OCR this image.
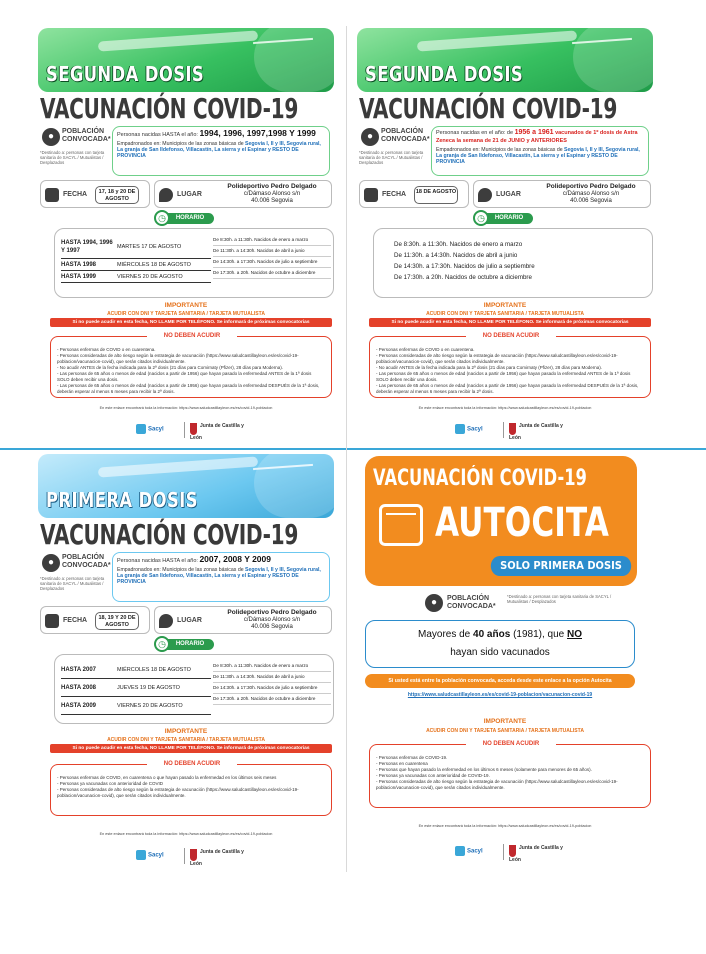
SEGUNDA DOSIS
VACUNACIÓN COVID-19
●	POBLACIÓN CONVOCADA*
*Destinado a: personas con tarjeta sanitaria de SACYL / Mutualistas / Desplazados
Personas nacidas HASTA el año: 1994, 1996, 1997,1998 Y 1999
Empadronados en: Municipios de las zonas básicas de Segovia I, II y III, Segovia rural, La granja de San Ildefonso, Villacastín, La sierra y el Espinar y RESTO DE PROVINCIA
FECHA	17, 18 y 20 DE AGOSTO
LUGAR
Polideportivo Pedro Delgado
c/Dámaso Alonso s/n
40.006 Segovia
HORARIO
◷
HASTA 1994, 1996 Y 1997
MARTES 17 DE AGOSTO
HASTA 1998	MIÉRCOLES 18 DE AGOSTO
HASTA 1999	VIERNES 20 DE AGOSTO
De 8:30h. a 11:30h. Nacidos de enero a marzo
De 11:30h. a 14:30h. Nacidos de abril a junio
De 14:30h. a 17:30h. Nacidos de julio a septiembre
De 17:30h. a 20h. Nacidos de octubre a diciembre
IMPORTANTE
ACUDIR CON DNI Y TARJETA SANITARIA / TARJETA MUTUALISTA
Si no puede acudir en esta fecha, NO LLAME POR TELÉFONO. Se informará de próximas convocatorias
NO DEBEN ACUDIR
- Personas enfermas de COVID o en cuarentena.
- Personas consideradas de alto riesgo según la estrategia de vacunación (https://www.saludcastillayleon.es/es/covid-19-poblacion/vacunacion-covid), que serán citados individualmente.
- No acudir ANTES de la fecha indicada para la 2ª dosis (21 días para Comirnaty (Pfizer), 28 días para Moderna).
- Las personas de 65 años o menos de edad (nacidos a partir de 1956) que hayan pasado la enfermedad ANTES de la 1ª dosis SOLO deben recibir una dosis.
- Las personas de 65 años o menos de edad (nacidos a partir de 1956) que hayan pasado la enfermedad DESPUÉS de la 1ª dosis, deberán esperar al menos 6 meses para recibir la 2ª dosis.
En este enlace encontrará toda la información: https://www.saludcastillayleon.es/es/covid-19-poblacion
Sacyl
Junta de Castilla y León
SEGUNDA DOSIS
VACUNACIÓN COVID-19
●	POBLACIÓN CONVOCADA*
*Destinado a: personas con tarjeta sanitaria de SACYL / Mutualistas / Desplazados
Personas nacidas en el año: de 1956 a 1961 vacunados de 1º dosis de Astra Zeneca la semana de 21 de JUNIO y ANTERIORES
Empadronados en: Municipios de las zonas básicas de Segovia I, II y III, Segovia rural, La granja de San Ildefonso, Villacastín, La sierra y el Espinar y RESTO DE PROVINCIA
FECHA	18 DE AGOSTO	LUGAR
Polideportivo Pedro Delgado
c/Dámaso Alonso s/n
40.006 Segovia
HORARIO
◷
De 8:30h. a 11:30h. Nacidos de enero a marzo
De 11:30h. a 14:30h. Nacidos de abril a junio
De 14:30h. a 17:30h. Nacidos de julio a septiembre
De 17:30h. a 20h. Nacidos de octubre a diciembre
IMPORTANTE
ACUDIR CON DNI Y TARJETA SANITARIA / TARJETA MUTUALISTA
Si no puede acudir en esta fecha, NO LLAME POR TELÉFONO. Se informará de próximas convocatorias
NO DEBEN ACUDIR
- Personas enfermas de COVID o en cuarentena.
- Personas consideradas de alto riesgo según la estrategia de vacunación (https://www.saludcastillayleon.es/es/covid-19-poblacion/vacunacion-covid), que serán citados individualmente.
- No acudir ANTES de la fecha indicada para la 2ª dosis (21 días para Comirnaty (Pfizer), 28 días para Moderna).
- Las personas de 65 años o menos de edad (nacidos a partir de 1956) que hayan pasado la enfermedad ANTES de la 1ª dosis SOLO deben recibir una dosis.
- Las personas de 65 años o menos de edad (nacidos a partir de 1956) que hayan pasado la enfermedad DESPUÉS de la 1ª dosis, deberán esperar al menos 6 meses para recibir la 2ª dosis.
En este enlace encontrará toda la información: https://www.saludcastillayleon.es/es/covid-19-poblacion
Sacyl
Junta de Castilla y León
PRIMERA DOSIS
VACUNACIÓN COVID-19
●	POBLACIÓN CONVOCADA*
*Destinado a: personas con tarjeta sanitaria de SACYL / Mutualistas / Desplazados
Personas nacidas HASTA el año: 2007, 2008 Y 2009
Empadronados en: Municipios de las zonas básicas de Segovia I, II y III, Segovia rural, La granja de San Ildefonso, Villacastín, La sierra y el Espinar y RESTO DE PROVINCIA
FECHA	18, 19 Y 20 DE AGOSTO
LUGAR
Polideportivo Pedro Delgado
c/Dámaso Alonso s/n
40.006 Segovia
HORARIO
◷
HASTA 2007	MIÉRCOLES 18 DE AGOSTO
HASTA 2008	JUEVES 19 DE AGOSTO
HASTA 2009	VIERNES 20 DE AGOSTO
De 8:30h. a 11:30h. Nacidos de enero a marzo
De 11:30h. a 14:30h. Nacidos de abril a junio
De 14:30h. a 17:30h. Nacidos de julio a septiembre
De 17:30h. a 20h. Nacidos de octubre a diciembre
IMPORTANTE
ACUDIR CON DNI Y TARJETA SANITARIA / TARJETA MUTUALISTA
Si no puede acudir en esta fecha, NO LLAME POR TELÉFONO. Se informará de próximas convocatorias
NO DEBEN ACUDIR
- Personas enfermas de COVID, en cuarentena o que hayan pasado la enfermedad en los últimos seis meses
- Personas ya vacunadas con anterioridad de COVID
- Personas consideradas de alto riesgo según la estrategia de vacunación (https://www.saludcastillayleon.es/es/covid-19-poblacion/vacunacion-covid), que serán citados individualmente.
En este enlace encontrará toda la información: https://www.saludcastillayleon.es/es/covid-19-poblacion
Sacyl
Junta de Castilla y León
VACUNACIÓN COVID-19
AUTOCITA
SOLO PRIMERA DOSIS
●	POBLACIÓN CONVOCADA*
*Destinado a: personas con tarjeta sanitaria de SACYL / Mutualistas / Desplazados
Mayores de 40 años (1981), que NO
hayan sido vacunados
Si usted está entre la población convocada, acceda desde este enlace a la opción Autocita
https://www.saludcastillayleon.es/es/covid-19-poblacion/vacunacion-covid-19
IMPORTANTE
ACUDIR CON DNI Y TARJETA SANITARIA / TARJETA MUTUALISTA
NO DEBEN ACUDIR
- Personas enfermas de COVID-19.
- Personas en cuarentena
- Personas que hayan pasado la enfermedad en los últimos 6 meses (solamente para menores de 65 años).
- Personas ya vacunadas con anterioridad de COVID-19.
- Personas consideradas de alto riesgo según la estrategia de vacunación (https://www.saludcastillayleon.es/es/covid-19-poblacion/vacunacion-covid), que serán citados individualmente.
En este enlace encontrará toda la información: https://www.saludcastillayleon.es/es/covid-19-poblacion
Sacyl
Junta de Castilla y León
